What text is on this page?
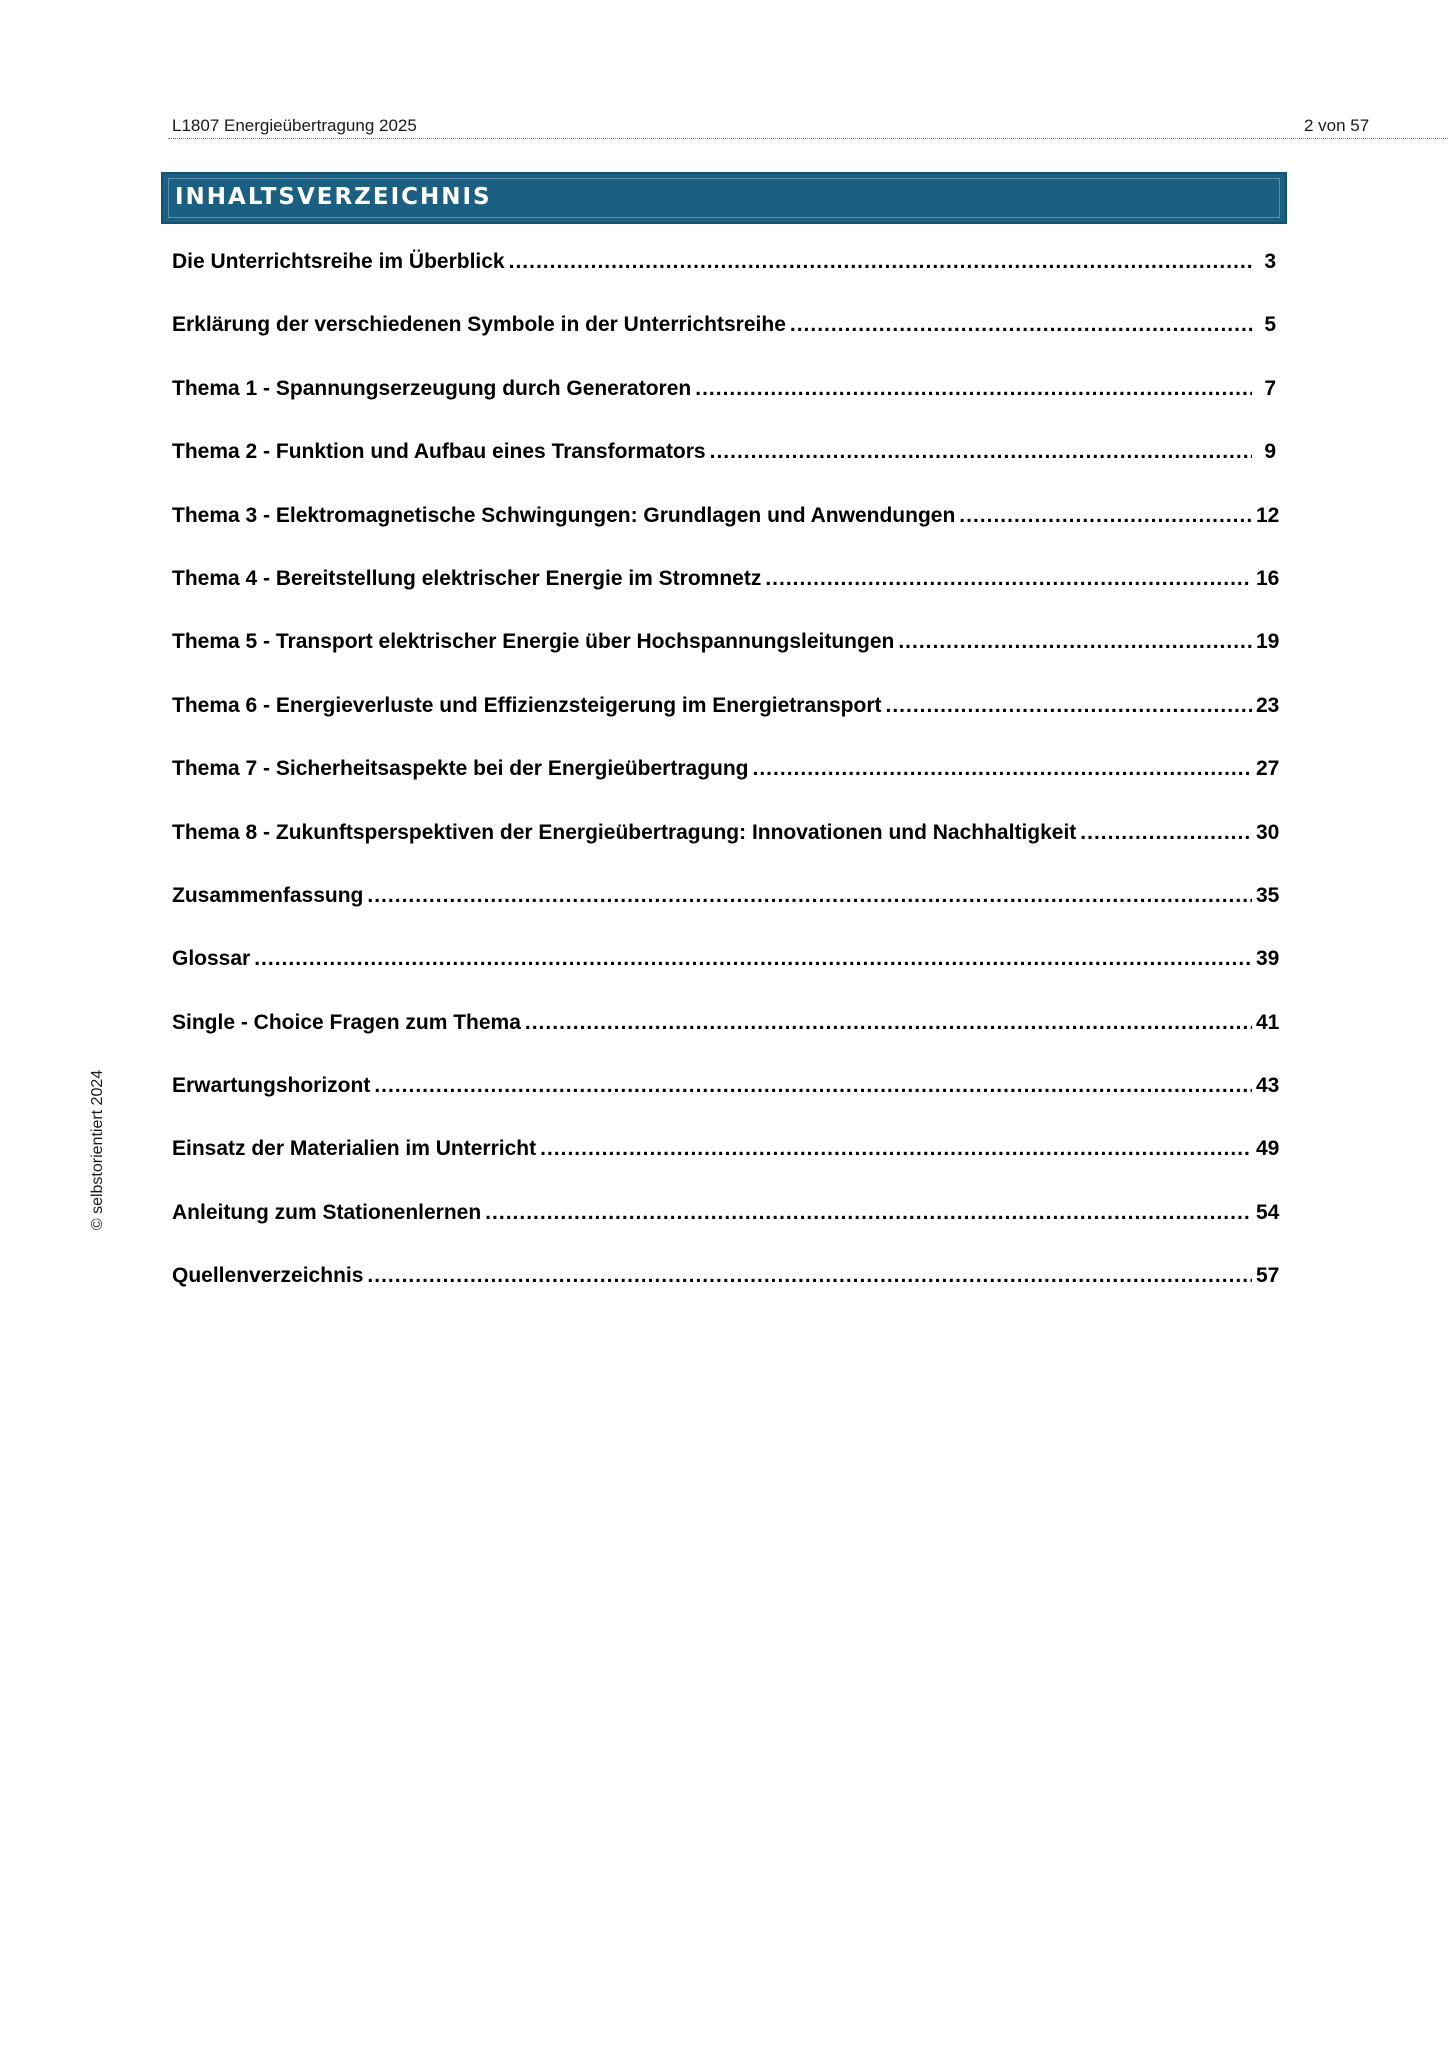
L1807 Energieübertragung 2025	2 von 57
INHALTSVERZEICHNIS
Die Unterrichtsreihe im Überblick .....	3
Erklärung der verschiedenen Symbole in der Unterrichtsreihe .....	5
Thema 1 - Spannungserzeugung durch Generatoren .....	7
Thema 2 - Funktion und Aufbau eines Transformators .....	9
Thema 3 - Elektromagnetische Schwingungen: Grundlagen und Anwendungen .....	12
Thema 4 - Bereitstellung elektrischer Energie im Stromnetz .....	16
Thema 5 - Transport elektrischer Energie über Hochspannungsleitungen .....	19
Thema 6 - Energieverluste und Effizienzsteigerung im Energietransport .....	23
Thema 7 - Sicherheitsaspekte bei der Energieübertragung .....	27
Thema 8 - Zukunftsperspektiven der Energieübertragung: Innovationen und Nachhaltigkeit .....	30
Zusammenfassung .....	35
Glossar .....	39
Single - Choice Fragen zum Thema .....	41
Erwartungshorizont .....	43
Einsatz der Materialien im Unterricht .....	49
Anleitung zum Stationenlernen .....	54
Quellenverzeichnis .....	57
© selbstorientiert 2024
